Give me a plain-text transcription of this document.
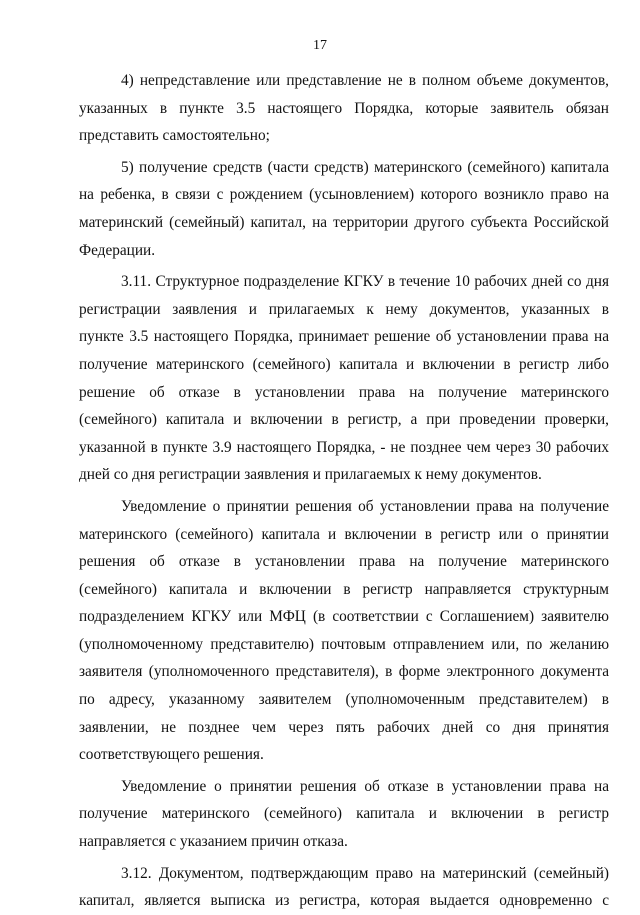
17

4) непредставление или представление не в полном объеме документов,
указанных в пункте 3.5 настоящего Порядка, которые заявитель обязан
представить самостоятельно;

5) получение средств (части средств) материнского (семейного) капитала
на ребенка, в связи с рождением (усыновлением) которого возникло право на
материнский (семейный) капитал, на территории другого субъекта Российской
Федерации.

3.11. Структурное подразделение КГКУ в течение 10 рабочих дней со дня
регистрации заявления и прилагаемых к нему документов, указанных в
пункте 3.5 настоящего Порядка, принимает решение об установлении права на
получение материнского (семейного) капитала и включении в регистр либо
решение об отказе в установлении права на получение материнского
(семейного) капитала и включении в регистр, а при проведении проверки,
указанной в пункте 3.9 настоящего Порядка, - не позднее чем через 30 рабочих
дней со дня регистрации заявления и прилагаемых к нему документов.

Уведомление о принятии решения об установлении права на получение
материнского (семейного) капитала и включении в регистр или о принятии
решения об отказе в установлении права на получение материнского
(семейного) капитала и включении в регистр направляется структурным
подразделением КГКУ или МФЦ (в соответствии с Соглашением) заявителю
(уполномоченному представителю) почтовым отправлением или, по желанию
заявителя (уполномоченного представителя), в форме электронного документа
по адресу, указанному заявителем (уполномоченным представителем) в
заявлении, не позднее чем через пять рабочих дней со дня принятия
соответствующего решения.

Уведомление о принятии решения об отказе в установлении права на
получение материнского (семейного) капитала и включении в регистр
направляется с указанием причин отказа.

3.12. Документом, подтверждающим право на материнский (семейный)
капитал, является выписка из регистра, которая выдается одновременно с
